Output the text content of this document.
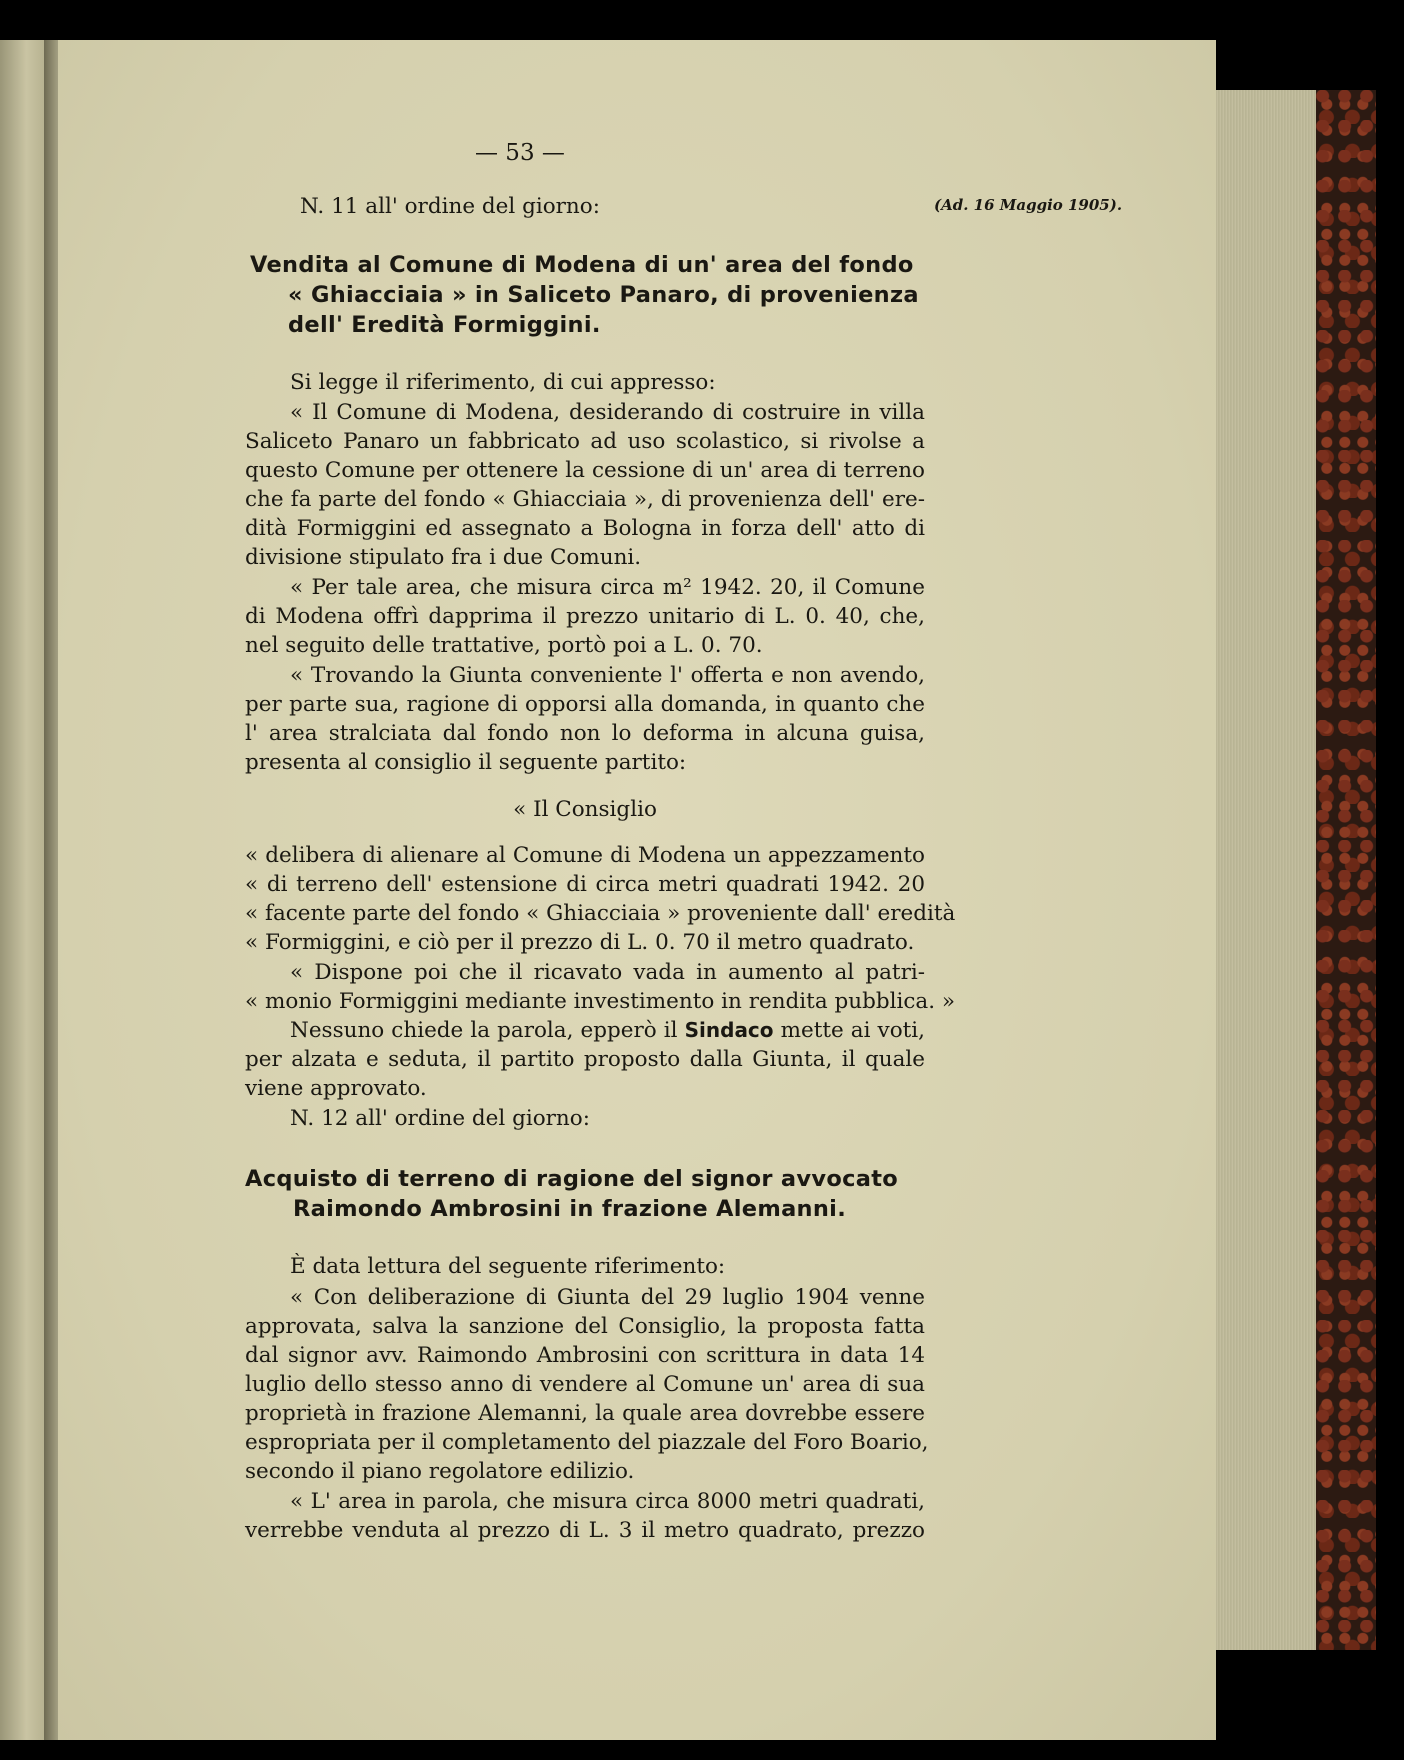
— 53 —
(Ad. 16 Maggio 1905).
N. 11 all' ordine del giorno:
Vendita al Comune di Modena di un' area del fondo
« Ghiacciaia » in Saliceto Panaro, di provenienza
dell' Eredità Formiggini.
Si legge il riferimento, di cui appresso:
« Il Comune di Modena, desiderando di costruire in villa
Saliceto Panaro un fabbricato ad uso scolastico, si rivolse a
questo Comune per ottenere la cessione di un' area di terreno
che fa parte del fondo « Ghiacciaia », di provenienza dell' ere-
dità Formiggini ed assegnato a Bologna in forza dell' atto di
divisione stipulato fra i due Comuni.
« Per tale area, che misura circa m² 1942. 20, il Comune
di Modena offrì dapprima il prezzo unitario di L. 0. 40, che,
nel seguito delle trattative, portò poi a L. 0. 70.
« Trovando la Giunta conveniente l' offerta e non avendo,
per parte sua, ragione di opporsi alla domanda, in quanto che
l' area stralciata dal fondo non lo deforma in alcuna guisa,
presenta al consiglio il seguente partito:
« Il Consiglio
« delibera di alienare al Comune di Modena un appezzamento
« di terreno dell' estensione di circa metri quadrati 1942. 20
« facente parte del fondo « Ghiacciaia » proveniente dall' eredità
« Formiggini, e ciò per il prezzo di L. 0. 70 il metro quadrato.
« Dispone poi che il ricavato vada in aumento al patri-
« monio Formiggini mediante investimento in rendita pubblica. »
Nessuno chiede la parola, epperò il Sindaco mette ai voti,
per alzata e seduta, il partito proposto dalla Giunta, il quale
viene approvato.
N. 12 all' ordine del giorno:
Acquisto di terreno di ragione del signor avvocato
Raimondo Ambrosini in frazione Alemanni.
È data lettura del seguente riferimento:
« Con deliberazione di Giunta del 29 luglio 1904 venne
approvata, salva la sanzione del Consiglio, la proposta fatta
dal signor avv. Raimondo Ambrosini con scrittura in data 14
luglio dello stesso anno di vendere al Comune un' area di sua
proprietà in frazione Alemanni, la quale area dovrebbe essere
espropriata per il completamento del piazzale del Foro Boario,
secondo il piano regolatore edilizio.
« L' area in parola, che misura circa 8000 metri quadrati,
verrebbe venduta al prezzo di L. 3 il metro quadrato, prezzo
